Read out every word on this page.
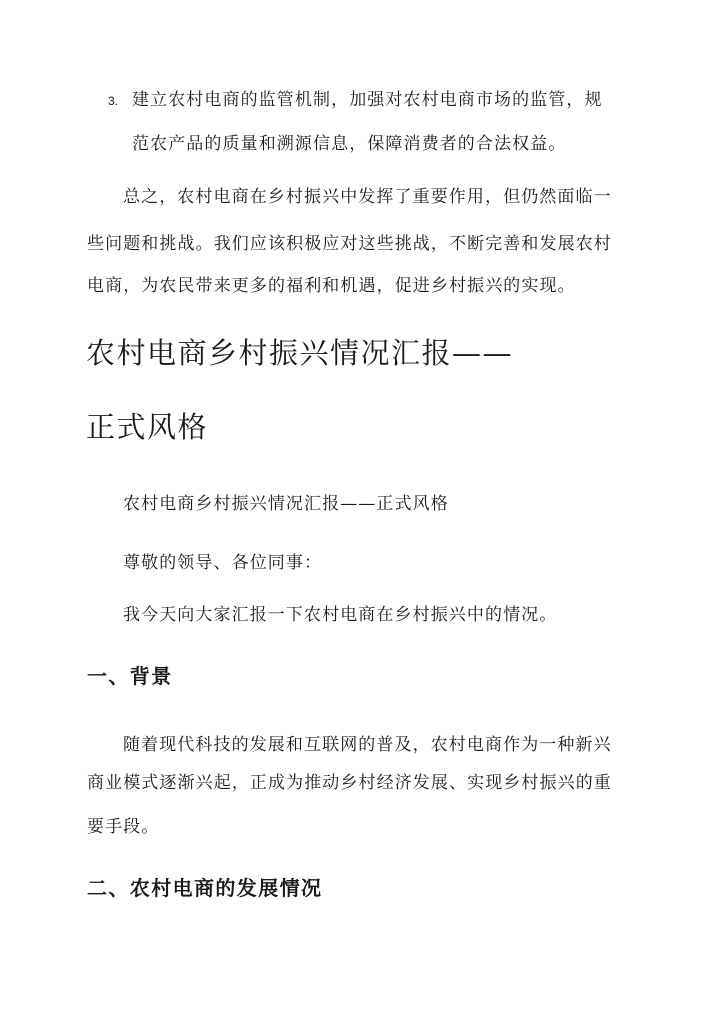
3. 建立农村电商的监管机制，加强对农村电商市场的监管，规
范农产品的质量和溯源信息，保障消费者的合法权益。
总之，农村电商在乡村振兴中发挥了重要作用，但仍然面临一
些问题和挑战。我们应该积极应对这些挑战，不断完善和发展农村
电商，为农民带来更多的福利和机遇，促进乡村振兴的实现。
农村电商乡村振兴情况汇报——
正式风格
农村电商乡村振兴情况汇报——正式风格
尊敬的领导、各位同事：
我今天向大家汇报一下农村电商在乡村振兴中的情况。
一、背景
随着现代科技的发展和互联网的普及，农村电商作为一种新兴
商业模式逐渐兴起，正成为推动乡村经济发展、实现乡村振兴的重
要手段。
二、农村电商的发展情况
